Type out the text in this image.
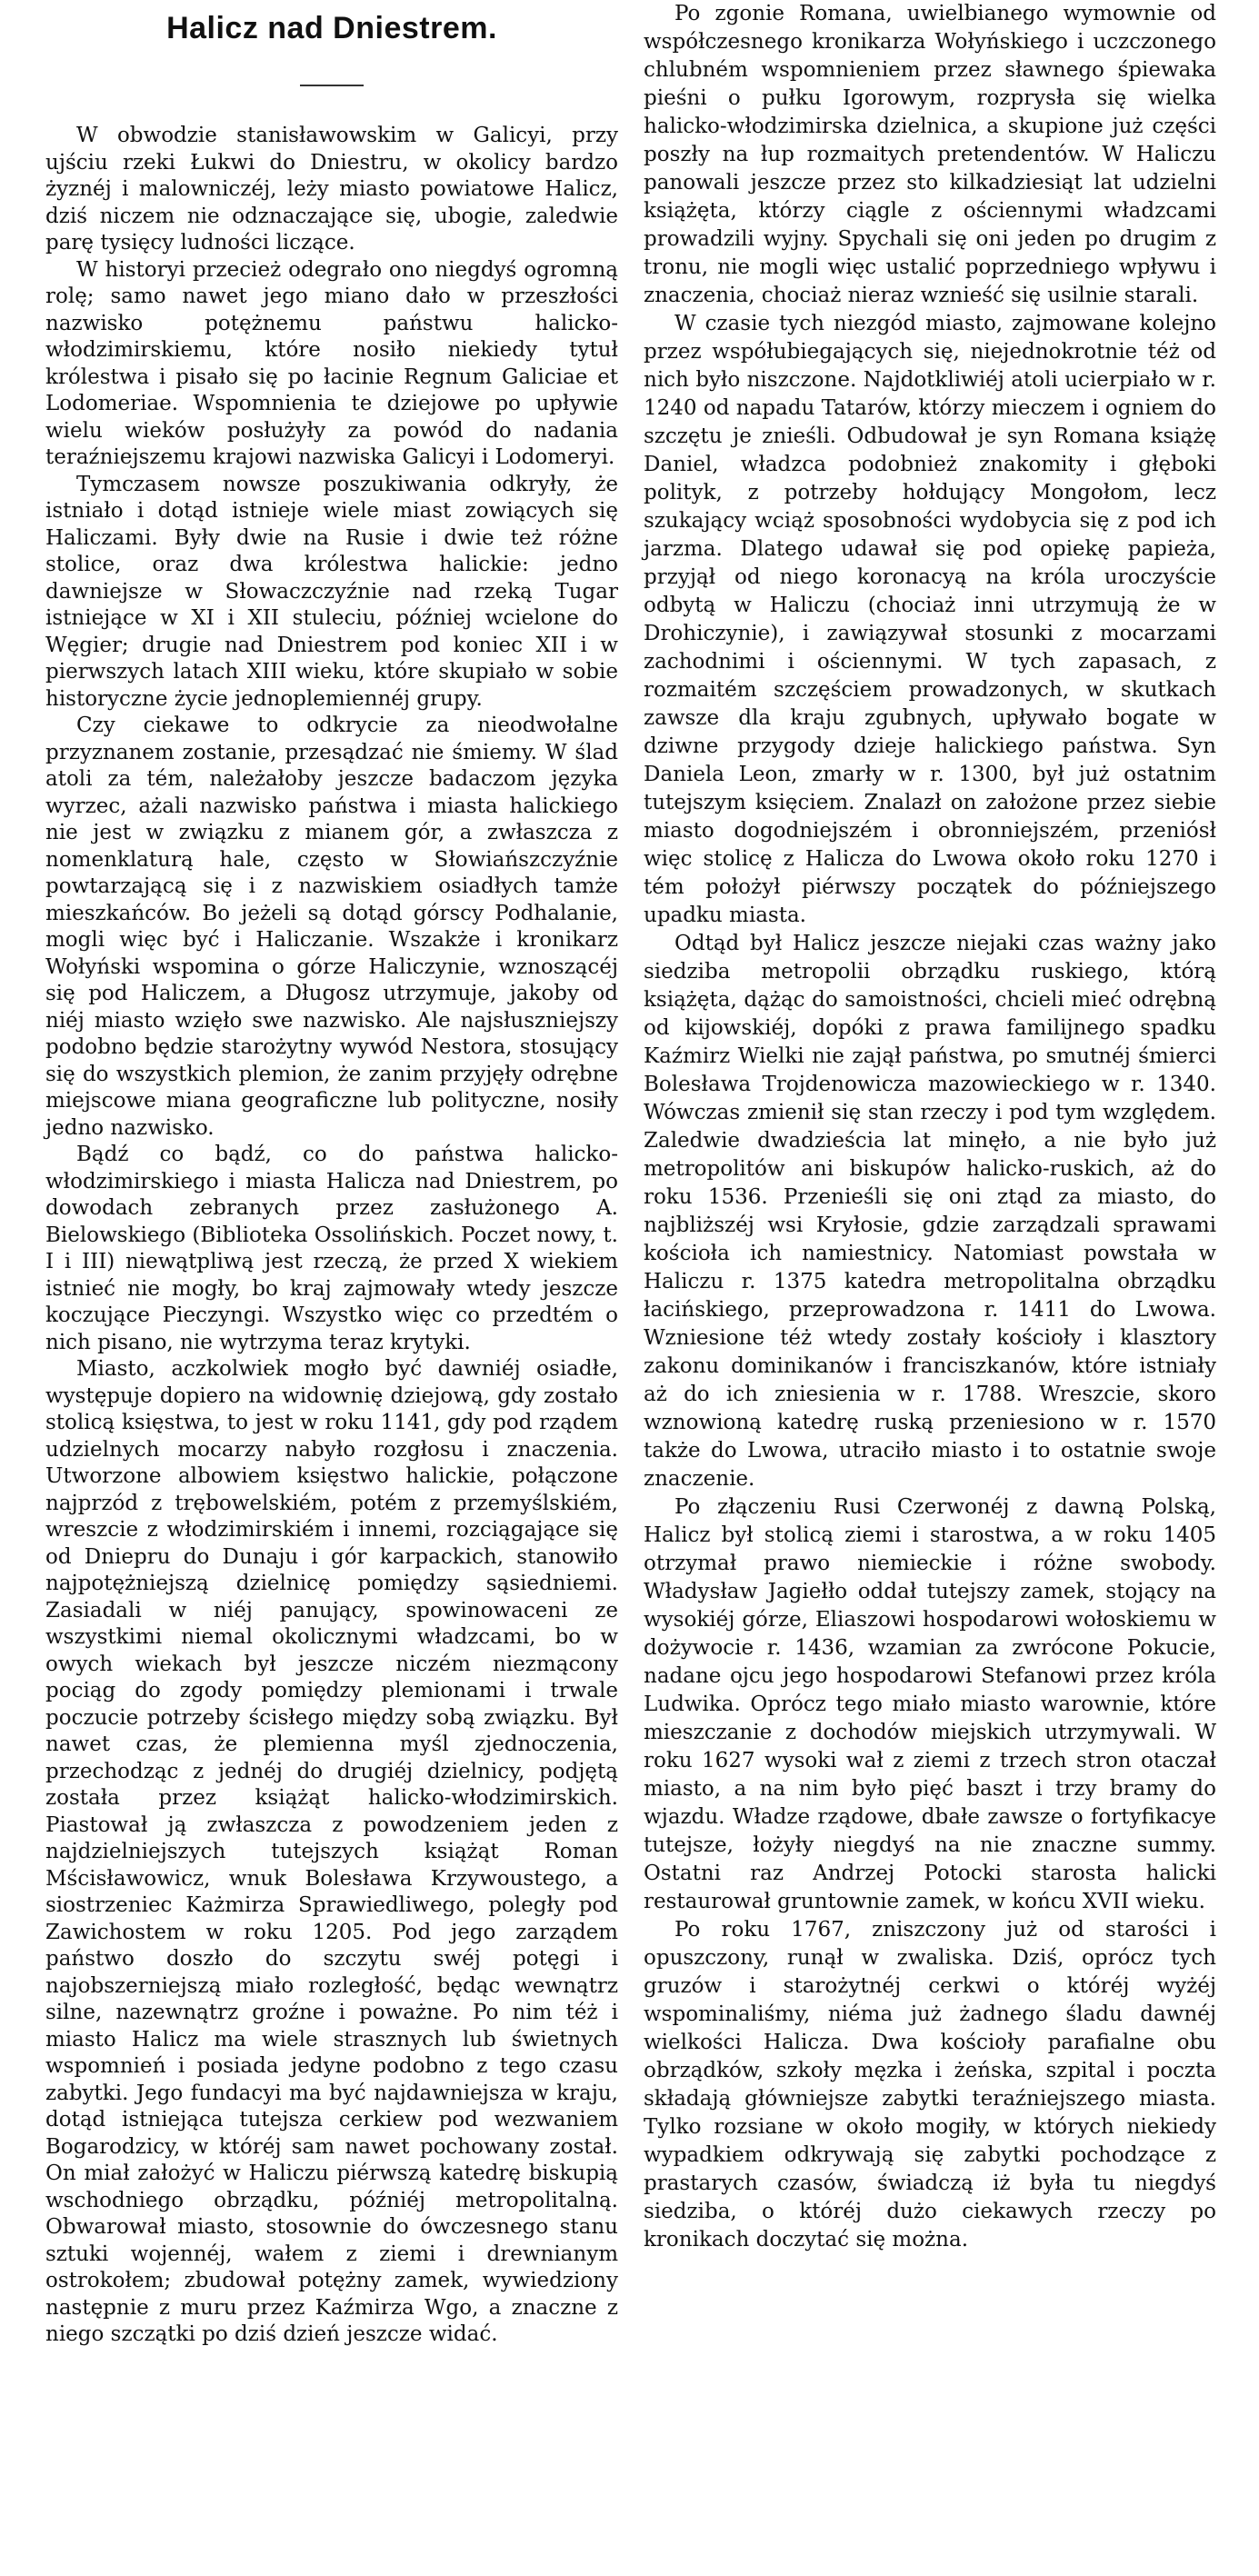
Halicz nad Dniestrem.

W obwodzie stanisławowskim w Galicyi, przy ujściu rzeki Łukwi do Dniestru, w okolicy bardzo żyznéj i malowniczéj, leży miasto powiatowe Halicz, dziś niczem nie odznaczające się, ubogie, zaledwie parę tysięcy ludności liczące.

W historyi przecież odegrało ono niegdyś ogromną rolę; samo nawet jego miano dało w przeszłości nazwisko potężnemu państwu halicko-włodzimirskiemu, które nosiło niekiedy tytuł królestwa i pisało się po łacinie Regnum Galiciae et Lodomeriae. Wspomnienia te dziejowe po upływie wielu wieków posłużyły za powód do nadania teraźniejszemu krajowi nazwiska Galicyi i Lodomeryi.

Tymczasem nowsze poszukiwania odkryły, że istniało i dotąd istnieje wiele miast zowiących się Haliczami. Były dwie na Rusie i dwie też różne stolice, oraz dwa królestwa halickie: jedno dawniejsze w Słowaczczyźnie nad rzeką Tugar istniejące w XI i XII stuleciu, później wcielone do Węgier; drugie nad Dniestrem pod koniec XII i w pierwszych latach XIII wieku, które skupiało w sobie historyczne życie jednoplemiennéj grupy.

Czy ciekawe to odkrycie za nieodwołalne przyznanem zostanie, przesądzać nie śmiemy. W ślad atoli za tém, należałoby jeszcze badaczom języka wyrzec, ażali nazwisko państwa i miasta halickiego nie jest w związku z mianem gór, a zwłaszcza z nomenklaturą hale, często w Słowiańszczyźnie powtarzającą się i z nazwiskiem osiadłych tamże mieszkańców. Bo jeżeli są dotąd górscy Podhalanie, mogli więc być i Haliczanie. Wszakże i kronikarz Wołyński wspomina o górze Haliczynie, wznoszącéj się pod Haliczem, a Długosz utrzymuje, jakoby od niéj miasto wzięło swe nazwisko. Ale najsłuszniejszy podobno będzie starożytny wywód Nestora, stosujący się do wszystkich plemion, że zanim przyjęły odrębne miejscowe miana geograficzne lub polityczne, nosiły jedno nazwisko.

Bądź co bądź, co do państwa halicko-włodzimirskiego i miasta Halicza nad Dniestrem, po dowodach zebranych przez zasłużonego A. Bielowskiego (Biblioteka Ossolińskich. Poczet nowy, t. I i III) niewątpliwą jest rzeczą, że przed X wiekiem istnieć nie mogły, bo kraj zajmowały wtedy jeszcze koczujące Pieczyngi. Wszystko więc co przedtém o nich pisano, nie wytrzyma teraz krytyki.

Miasto, aczkolwiek mogło być dawniéj osiadłe, występuje dopiero na widownię dziejową, gdy zostało stolicą księstwa, to jest w roku 1141, gdy pod rządem udzielnych mocarzy nabyło rozgłosu i znaczenia. Utworzone albowiem księstwo halickie, połączone najprzód z trębowelskiém, potém z przemyślskiém, wreszcie z włodzimirskiém i innemi, rozciągające się od Dniepru do Dunaju i gór karpackich, stanowiło najpotężniejszą dzielnicę pomiędzy sąsiedniemi. Zasiadali w niéj panujący, spowinowaceni ze wszystkimi niemal okolicznymi władzcami, bo w owych wiekach był jeszcze niczém niezmącony pociąg do zgody pomiędzy plemionami i trwale poczucie potrzeby ścisłego między sobą związku. Był nawet czas, że plemienna myśl zjednoczenia, przechodząc z jednéj do drugiéj dzielnicy, podjętą została przez książąt halicko-włodzimirskich. Piastował ją zwłaszcza z powodzeniem jeden z najdzielniejszych tutejszych książąt Roman Mścisławowicz, wnuk Bolesława Krzywoustego, a siostrzeniec Każmirza Sprawiedliwego, poległy pod Zawichostem w roku 1205. Pod jego zarządem państwo doszło do szczytu swéj potęgi i najobszerniejszą miało rozległość, będąc wewnątrz silne, nazewnątrz groźne i poważne. Po nim téż i miasto Halicz ma wiele strasznych lub świetnych wspomnień i posiada jedyne podobno z tego czasu zabytki. Jego fundacyi ma być najdawniejsza w kraju, dotąd istniejąca tutejsza cerkiew pod wezwaniem Bogarodzicy, w któréj sam nawet pochowany został. On miał założyć w Haliczu piérwszą katedrę biskupią wschodniego obrządku, późniéj metropolitalną. Obwarował miasto, stosownie do ówczesnego stanu sztuki wojennéj, wałem z ziemi i drewnianym ostrokołem; zbudował potężny zamek, wywiedziony następnie z muru przez Kaźmirza Wgo, a znaczne z niego szczątki po dziś dzień jeszcze widać.

Po zgonie Romana, uwielbianego wymownie od współczesnego kronikarza Wołyńskiego i uczczonego chlubném wspomnieniem przez sławnego śpiewaka pieśni o pułku Igorowym, rozprysła się wielka halicko-włodzimirska dzielnica, a skupione już części poszły na łup rozmaitych pretendentów. W Haliczu panowali jeszcze przez sto kilkadziesiąt lat udzielni książęta, którzy ciągle z ościennymi władzcami prowadzili wyjny. Spychali się oni jeden po drugim z tronu, nie mogli więc ustalić poprzedniego wpływu i znaczenia, chociaż nieraz wznieść się usilnie starali.

W czasie tych niezgód miasto, zajmowane kolejno przez współubiegających się, niejednokrotnie téż od nich było niszczone. Najdotkliwiéj atoli ucierpiało w r. 1240 od napadu Tatarów, którzy mieczem i ogniem do szczętu je znieśli. Odbudował je syn Romana książę Daniel, władzca podobnież znakomity i głęboki polityk, z potrzeby hołdujący Mongołom, lecz szukający wciąż sposobności wydobycia się z pod ich jarzma. Dlatego udawał się pod opiekę papieża, przyjął od niego koronacyą na króla uroczyście odbytą w Haliczu (chociaż inni utrzymują że w Drohiczynie), i zawiązywał stosunki z mocarzami zachodnimi i ościennymi. W tych zapasach, z rozmaitém szczęściem prowadzonych, w skutkach zawsze dla kraju zgubnych, upływało bogate w dziwne przygody dzieje halickiego państwa. Syn Daniela Leon, zmarły w r. 1300, był już ostatnim tutejszym księciem. Znalazł on założone przez siebie miasto dogodniejszém i obronniejszém, przeniósł więc stolicę z Halicza do Lwowa około roku 1270 i tém położył piérwszy początek do późniejszego upadku miasta.

Odtąd był Halicz jeszcze niejaki czas ważny jako siedziba metropolii obrządku ruskiego, którą książęta, dążąc do samoistności, chcieli mieć odrębną od kijowskiéj, dopóki z prawa familijnego spadku Kaźmirz Wielki nie zajął państwa, po smutnéj śmierci Bolesława Trojdenowicza mazowieckiego w r. 1340. Wówczas zmienił się stan rzeczy i pod tym względem. Zaledwie dwadzieścia lat minęło, a nie było już metropolitów ani biskupów halicko-ruskich, aż do roku 1536. Przenieśli się oni ztąd za miasto, do najbliższéj wsi Kryłosie, gdzie zarządzali sprawami kościoła ich namiestnicy. Natomiast powstała w Haliczu r. 1375 katedra metropolitalna obrządku łacińskiego, przeprowadzona r. 1411 do Lwowa. Wzniesione téż wtedy zostały kościoły i klasztory zakonu dominikanów i franciszkanów, które istniały aż do ich zniesienia w r. 1788. Wreszcie, skoro wznowioną katedrę ruską przeniesiono w r. 1570 także do Lwowa, utraciło miasto i to ostatnie swoje znaczenie.

Po złączeniu Rusi Czerwonéj z dawną Polską, Halicz był stolicą ziemi i starostwa, a w roku 1405 otrzymał prawo niemieckie i różne swobody. Władysław Jagiełło oddał tutejszy zamek, stojący na wysokiéj górze, Eliaszowi hospodarowi wołoskiemu w dożywocie r. 1436, wzamian za zwrócone Pokucie, nadane ojcu jego hospodarowi Stefanowi przez króla Ludwika. Oprócz tego miało miasto warownie, które mieszczanie z dochodów miejskich utrzymywali. W roku 1627 wysoki wał z ziemi z trzech stron otaczał miasto, a na nim było pięć baszt i trzy bramy do wjazdu. Władze rządowe, dbałe zawsze o fortyfikacye tutejsze, łożyły niegdyś na nie znaczne summy. Ostatni raz Andrzej Potocki starosta halicki restaurował gruntownie zamek, w końcu XVII wieku.

Po roku 1767, zniszczony już od starości i opuszczony, runął w zwaliska. Dziś, oprócz tych gruzów i starożytnéj cerkwi o któréj wyżéj wspominaliśmy, niéma już żadnego śladu dawnéj wielkości Halicza. Dwa kościoły parafialne obu obrządków, szkoły męzka i żeńska, szpital i poczta składają główniejsze zabytki teraźniejszego miasta. Tylko rozsiane w około mogiły, w których niekiedy wypadkiem odkrywają się zabytki pochodzące z prastarych czasów, świadczą iż była tu niegdyś siedziba, o któréj dużo ciekawych rzeczy po kronikach doczytać się można.
